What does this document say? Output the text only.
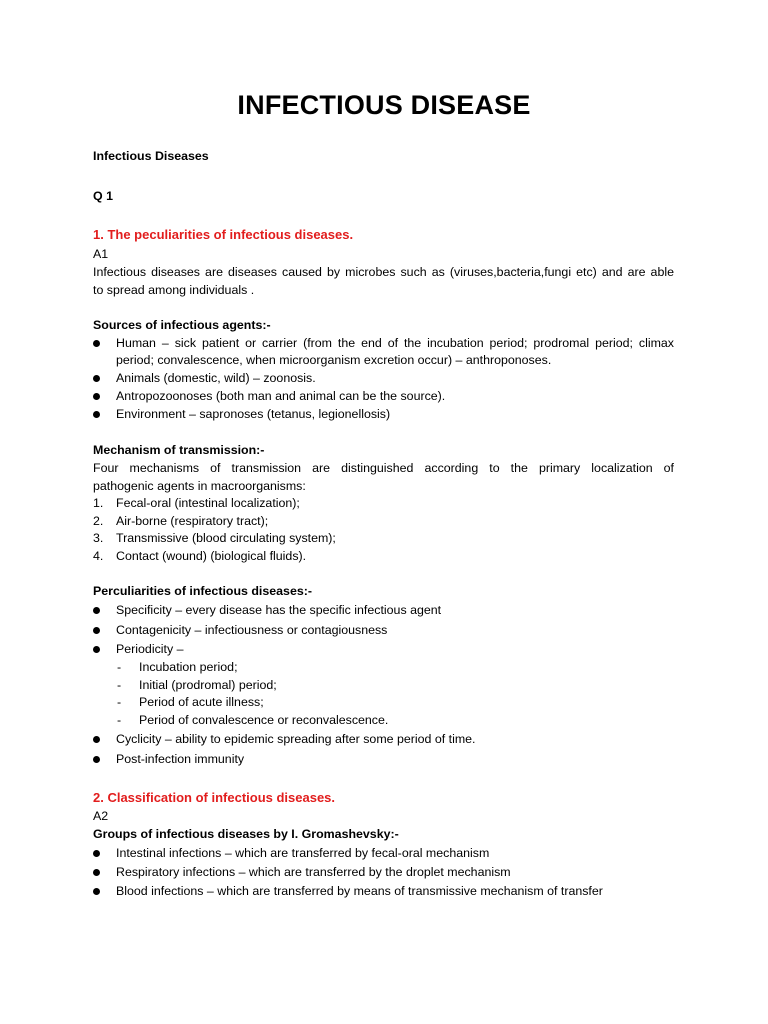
INFECTIOUS DISEASE
Infectious Diseases
Q 1
1. The peculiarities of infectious diseases.
A1
Infectious diseases are diseases caused by microbes such as (viruses,bacteria,fungi etc) and are able
to spread among individuals .
Sources of infectious agents:-
Human – sick patient or carrier (from the end of the incubation period; prodromal period; climax
period; convalescence, when microorganism excretion occur) – anthroponoses.
Animals (domestic, wild) – zoonosis.
Antropozoonoses (both man and animal can be the source).
Environment – sapronoses (tetanus, legionellosis)
Mechanism of transmission:-
Four mechanisms of transmission are distinguished according to the primary localization of
pathogenic agents in macroorganisms:
1. Fecal-oral (intestinal localization);
2. Air-borne (respiratory tract);
3. Transmissive (blood circulating system);
4. Contact (wound) (biological fluids).
Perculiarities of infectious diseases:-
Specificity – every disease has the specific infectious agent
Contagenicity – infectiousness or contagiousness
Periodicity –
- Incubation period;
- Initial (prodromal) period;
- Period of acute illness;
- Period of convalescence or reconvalescence.
Cyclicity – ability to epidemic spreading after some period of time.
Post-infection immunity
2. Classification of infectious diseases.
A2
Groups of infectious diseases by I. Gromashevsky:-
Intestinal infections – which are transferred by fecal-oral mechanism
Respiratory infections – which are transferred by the droplet mechanism
Blood infections – which are transferred by means of transmissive mechanism of transfer
